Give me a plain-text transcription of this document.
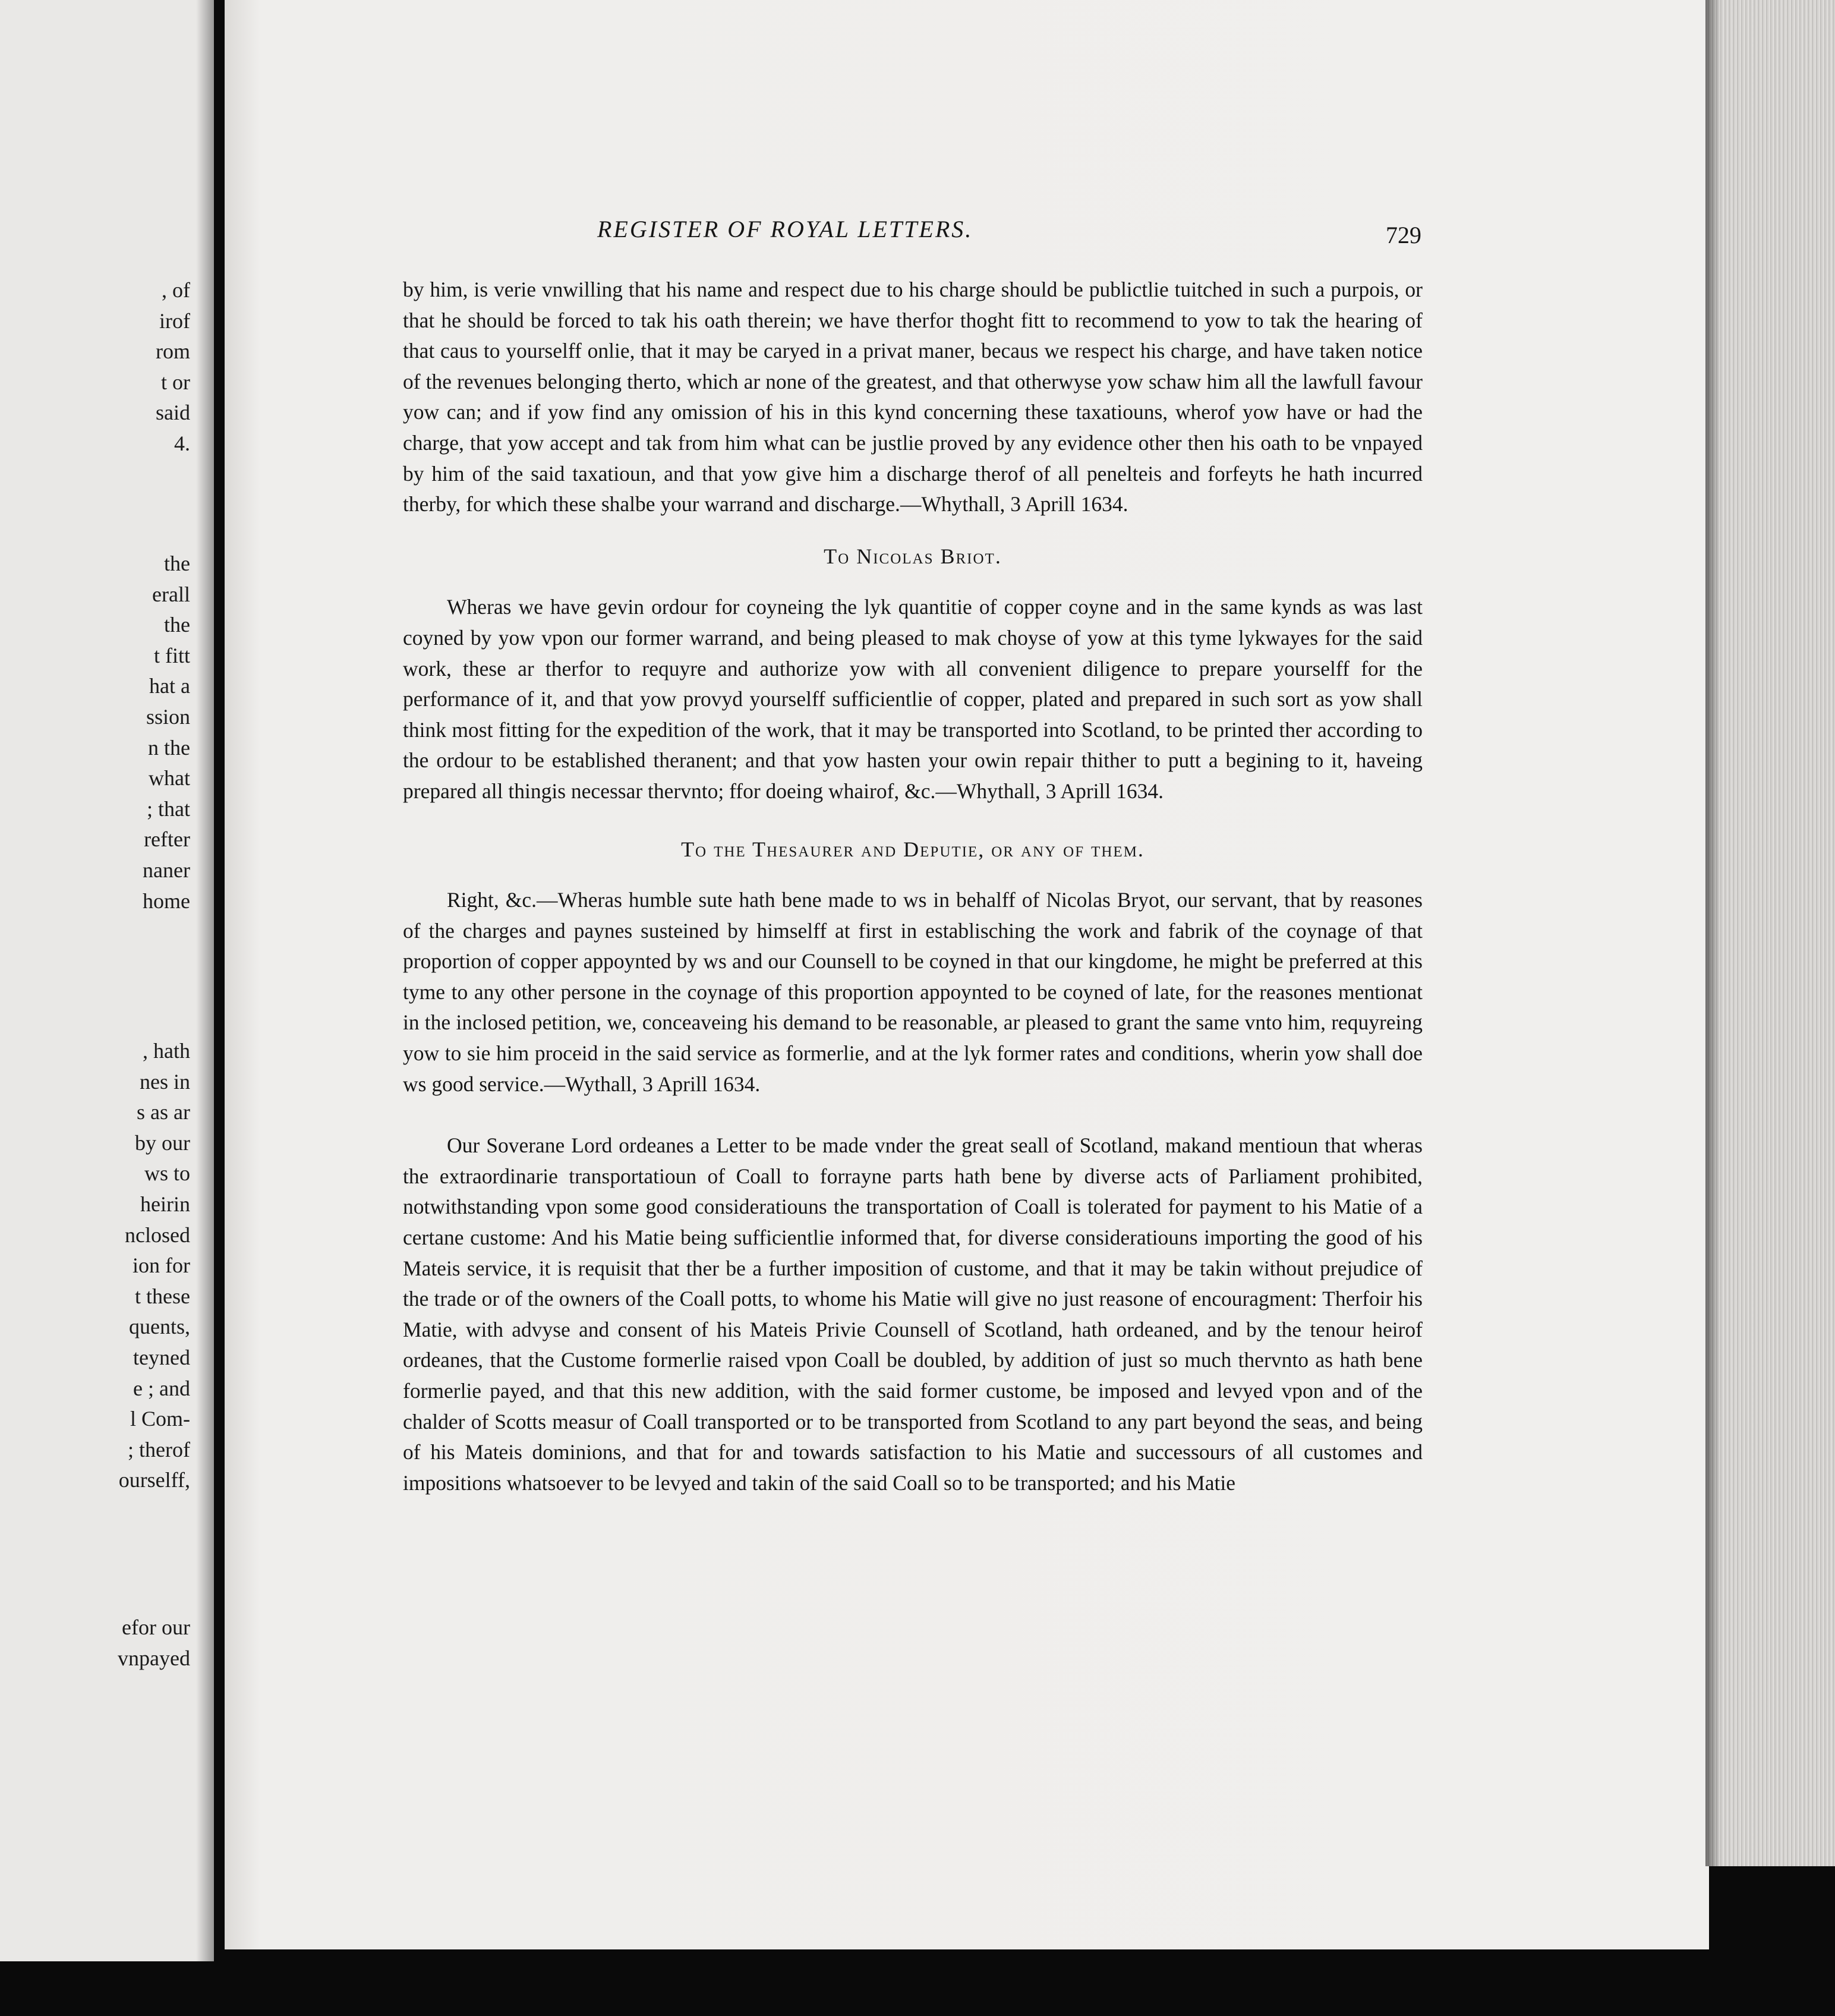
, of
irof
rom
t or
said
4.
the
erall
the
t fitt
hat a
ssion
n the
what
; that
refter
naner
home
, hath
nes in
s as ar
by our
ws to
heirin
nclosed
ion for
t these
quents,
teyned
e ; and
l Com-
; therof
ourselff,
efor our
vnpayed
REGISTER OF ROYAL LETTERS.	729

by him, is verie vnwilling that his name and respect due to his charge should be publictlie tuitched in such a purpois, or that he should be forced to tak his oath therein; we have therfor thoght fitt to recommend to yow to tak the hearing of that caus to yourselff onlie, that it may be caryed in a privat maner, becaus we respect his charge, and have taken notice of the revenues belonging therto, which ar none of the greatest, and that otherwyse yow schaw him all the lawfull favour yow can; and if yow find any omission of his in this kynd concerning these taxatiouns, wherof yow have or had the charge, that yow accept and tak from him what can be justlie proved by any evidence other then his oath to be vnpayed by him of the said taxatioun, and that yow give him a discharge therof of all penelteis and forfeyts he hath incurred therby, for which these shalbe your warrand and discharge.—Whythall, 3 Aprill 1634.

To Nicolas Briot.

Wheras we have gevin ordour for coyneing the lyk quantitie of copper coyne and in the same kynds as was last coyned by yow vpon our former warrand, and being pleased to mak choyse of yow at this tyme lykwayes for the said work, these ar therfor to requyre and authorize yow with all convenient diligence to prepare yourselff for the performance of it, and that yow provyd yourselff sufficientlie of copper, plated and prepared in such sort as yow shall think most fitting for the expedition of the work, that it may be transported into Scotland, to be printed ther according to the ordour to be established theranent; and that yow hasten your owin repair thither to putt a begining to it, haveing prepared all thingis necessar thervnto; ffor doeing whairof, &c.—Whythall, 3 Aprill 1634.

To the Thesaurer and Deputie, or any of them.

Right, &c.—Wheras humble sute hath bene made to ws in behalff of Nicolas Bryot, our servant, that by reasones of the charges and paynes susteined by himselff at first in establisching the work and fabrik of the coynage of that proportion of copper appoynted by ws and our Counsell to be coyned in that our kingdome, he might be preferred at this tyme to any other persone in the coynage of this proportion appoynted to be coyned of late, for the reasones mentionat in the inclosed petition, we, conceaveing his demand to be reasonable, ar pleased to grant the same vnto him, requyreing yow to sie him proceid in the said service as formerlie, and at the lyk former rates and conditions, wherin yow shall doe ws good service.—Wythall, 3 Aprill 1634.

Our Soverane Lord ordeanes a Letter to be made vnder the great seall of Scotland, makand mentioun that wheras the extraordinarie transportatioun of Coall to forrayne parts hath bene by diverse acts of Parliament prohibited, notwithstanding vpon some good consideratiouns the transportation of Coall is tolerated for payment to his Matie of a certane custome: And his Matie being sufficientlie informed that, for diverse consideratiouns importing the good of his Mateis service, it is requisit that ther be a further imposition of custome, and that it may be takin without prejudice of the trade or of the owners of the Coall potts, to whome his Matie will give no just reasone of encouragment: Therfoir his Matie, with advyse and consent of his Mateis Privie Counsell of Scotland, hath ordeaned, and by the tenour heirof ordeanes, that the Custome formerlie raised vpon Coall be doubled, by addition of just so much thervnto as hath bene formerlie payed, and that this new addition, with the said former custome, be imposed and levyed vpon and of the chalder of Scotts measur of Coall transported or to be transported from Scotland to any part beyond the seas, and being of his Mateis dominions, and that for and towards satisfaction to his Matie and successours of all customes and impositions whatsoever to be levyed and takin of the said Coall so to be transported; and his Matie
